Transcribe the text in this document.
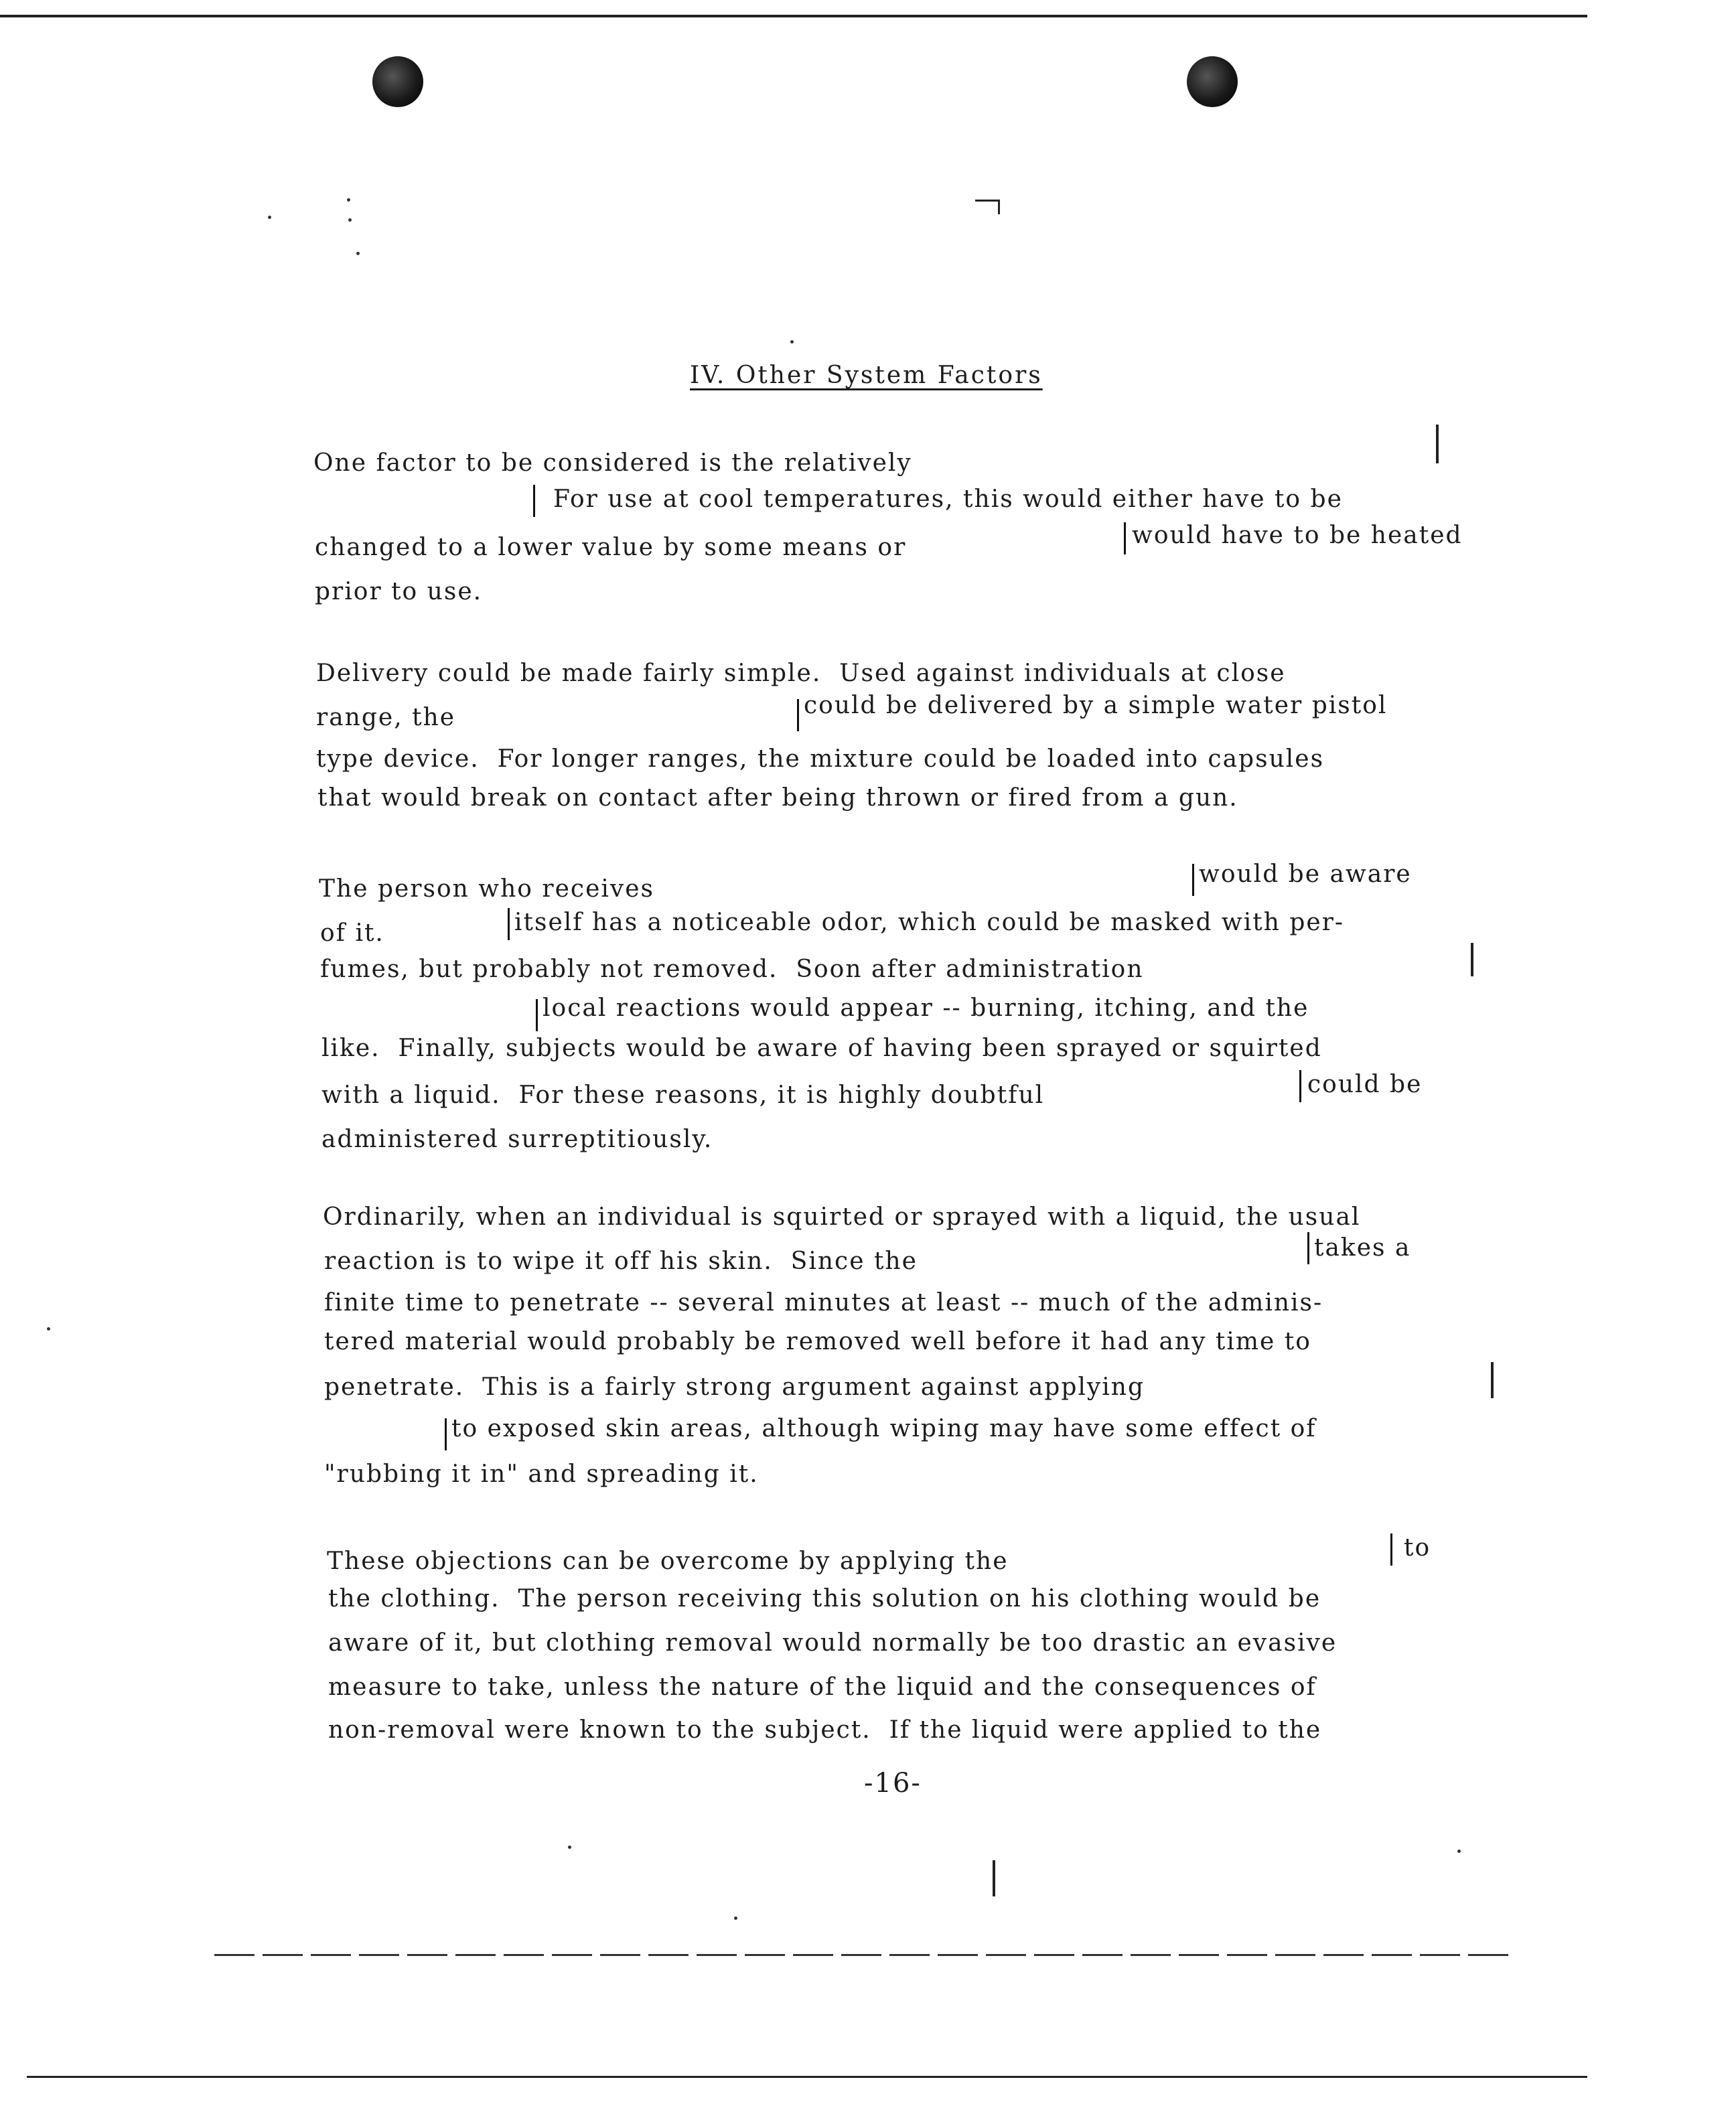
IV. Other System Factors
One factor to be considered is the relatively
For use at cool temperatures, this would either have to be
changed to a lower value by some means or	would have to be heated
prior to use.
Delivery could be made fairly simple.  Used against individuals at close
range, the	could be delivered by a simple water pistol
type device.  For longer ranges, the mixture could be loaded into capsules
that would break on contact after being thrown or fired from a gun.
The person who receives
would be aware
of it.	itself has a noticeable odor, which could be masked with per-
fumes, but probably not removed.  Soon after administration
local reactions would appear -- burning, itching, and the
like.  Finally, subjects would be aware of having been sprayed or squirted
with a liquid.  For these reasons, it is highly doubtful	could be
administered surreptitiously.
Ordinarily, when an individual is squirted or sprayed with a liquid, the usual
reaction is to wipe it off his skin.  Since the	takes a
finite time to penetrate -- several minutes at least -- much of the adminis-
tered material would probably be removed well before it had any time to
penetrate.  This is a fairly strong argument against applying
to exposed skin areas, although wiping may have some effect of
"rubbing it in" and spreading it.
These objections can be overcome by applying the	to
the clothing.  The person receiving this solution on his clothing would be
aware of it, but clothing removal would normally be too drastic an evasive
measure to take, unless the nature of the liquid and the consequences of
non-removal were known to the subject.  If the liquid were applied to the
-16-
